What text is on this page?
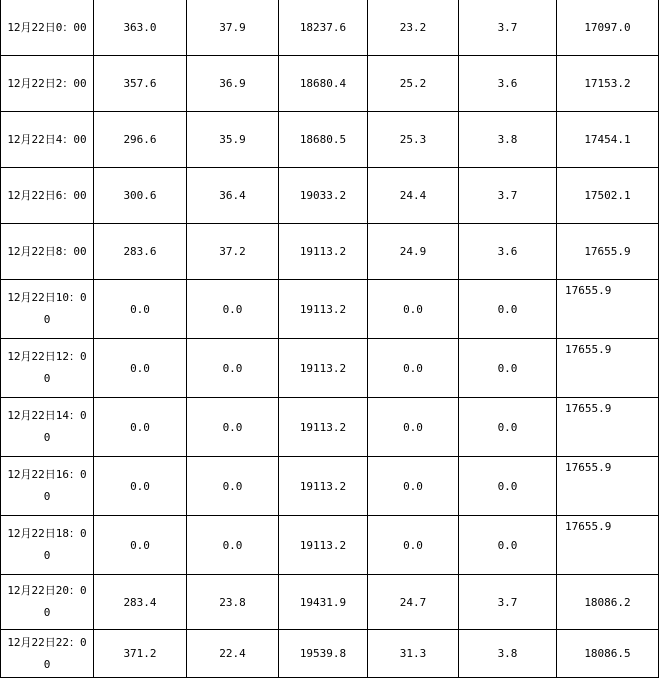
12月22日0：00	363.0	37.9	18237.6	23.2	3.7	17097.0
12月22日2：00	357.6	36.9	18680.4	25.2	3.6	17153.2
12月22日4：00	296.6	35.9	18680.5	25.3	3.8	17454.1
12月22日6：00	300.6	36.4	19033.2	24.4	3.7	17502.1
12月22日8：00	283.6	37.2	19113.2	24.9	3.6	17655.9
12月22日10：00	0.0	0.0	19113.2	0.0	0.0	17655.9
12月22日12：00	0.0	0.0	19113.2	0.0	0.0	17655.9
12月22日14：00	0.0	0.0	19113.2	0.0	0.0	17655.9
12月22日16：00	0.0	0.0	19113.2	0.0	0.0	17655.9
12月22日18：00	0.0	0.0	19113.2	0.0	0.0	17655.9
12月22日20：00	283.4	23.8	19431.9	24.7	3.7	18086.2
12月22日22：00	371.2	22.4	19539.8	31.3	3.8	18086.5
